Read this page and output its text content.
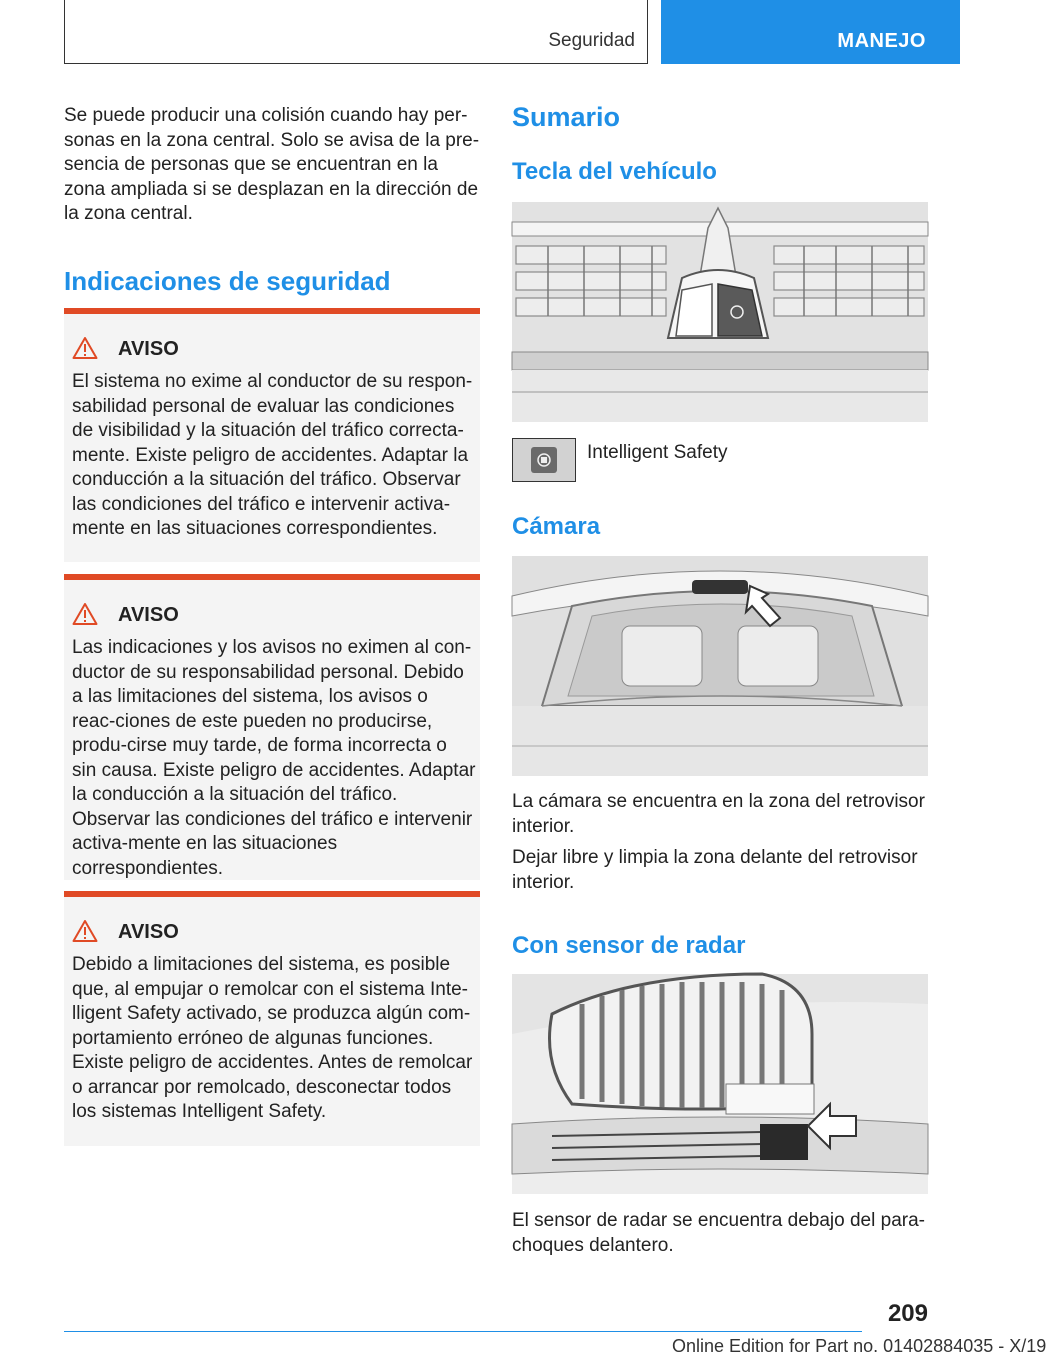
Seguridad	MANEJO
Se puede producir una colisión cuando hay per-sonas en la zona central. Solo se avisa de la pre-sencia de personas que se encuentran en la zona ampliada si se desplazan en la dirección de la zona central.
Indicaciones de seguridad
AVISO
El sistema no exime al conductor de su respon-sabilidad personal de evaluar las condiciones de visibilidad y la situación del tráfico correcta-mente. Existe peligro de accidentes. Adaptar la conducción a la situación del tráfico. Observar las condiciones del tráfico e intervenir activa-mente en las situaciones correspondientes.
AVISO
Las indicaciones y los avisos no eximen al con-ductor de su responsabilidad personal. Debido a las limitaciones del sistema, los avisos o reac-ciones de este pueden no producirse, produ-cirse muy tarde, de forma incorrecta o sin causa. Existe peligro de accidentes. Adaptar la conducción a la situación del tráfico. Observar las condiciones del tráfico e intervenir activa-mente en las situaciones correspondientes.
AVISO
Debido a limitaciones del sistema, es posible que, al empujar o remolcar con el sistema Inte-lligent Safety activado, se produzca algún com-portamiento erróneo de algunas funciones. Existe peligro de accidentes. Antes de remolcar o arrancar por remolcado, desconectar todos los sistemas Intelligent Safety.
Sumario
Tecla del vehículo
Intelligent Safety
Cámara
La cámara se encuentra en la zona del retrovisor interior.
Dejar libre y limpia la zona delante del retrovisor interior.
Con sensor de radar
El sensor de radar se encuentra debajo del para-choques delantero.
209
Online Edition for Part no. 01402884035 - X/19
